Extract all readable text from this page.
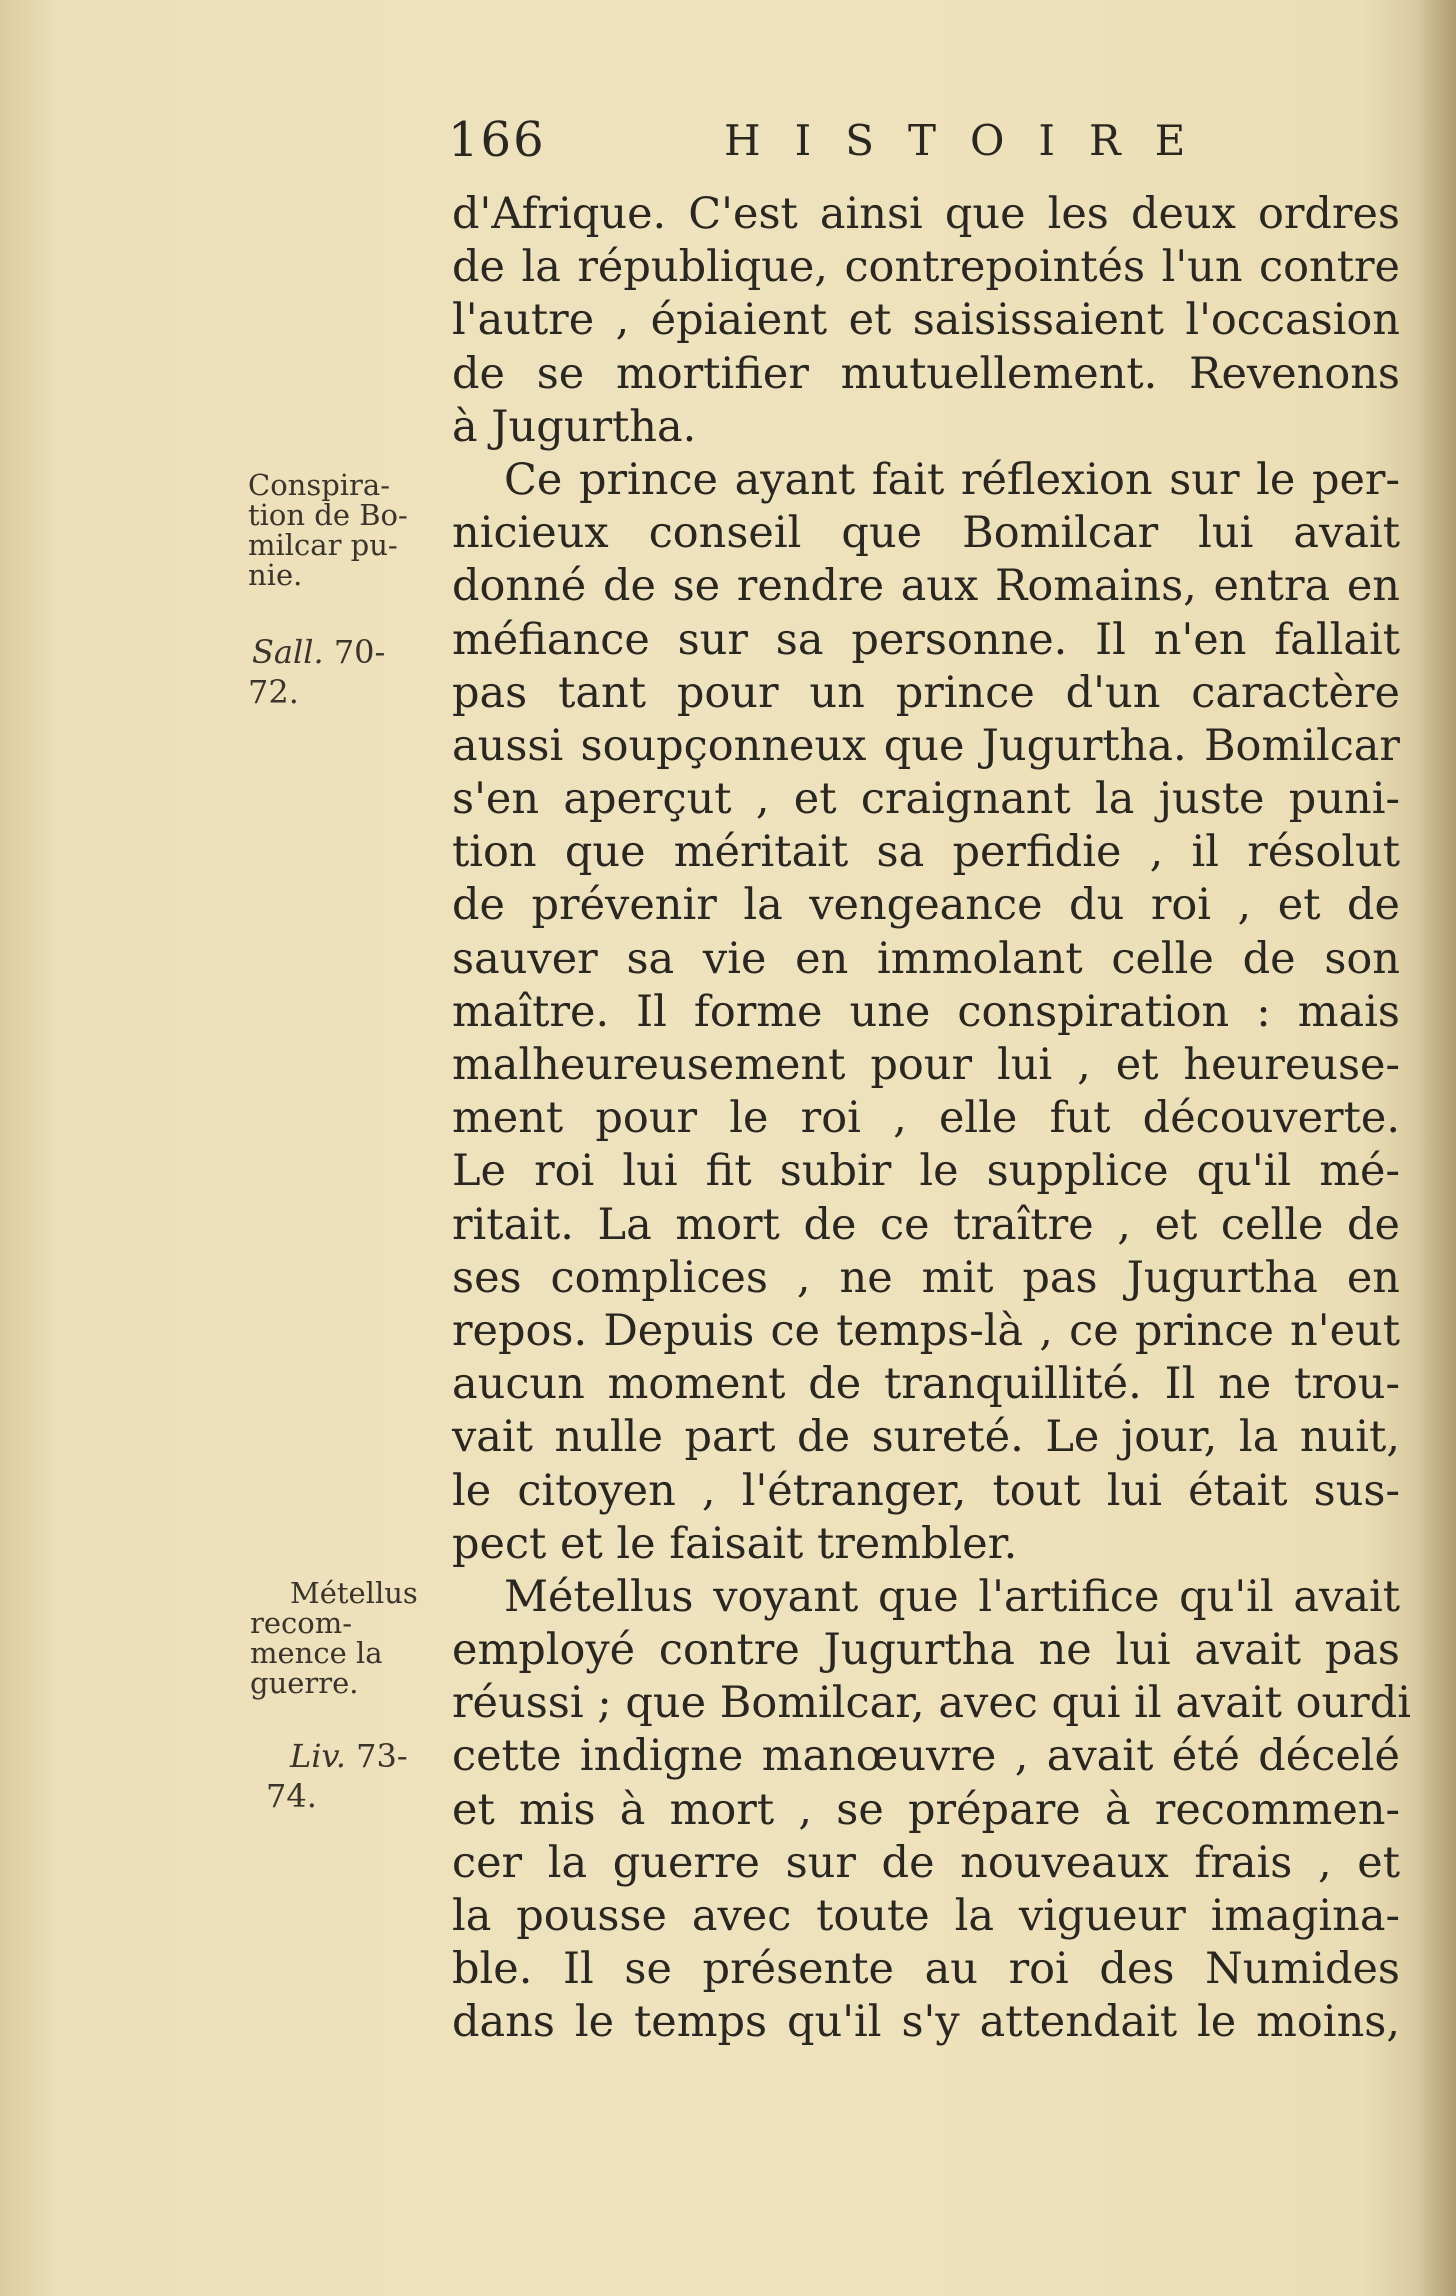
166	HISTOIRE
d'Afrique. C'est ainsi que les deux ordres
de la république, contrepointés l'un contre
l'autre , épiaient et saisissaient l'occasion
de se mortifier mutuellement. Revenons
à Jugurtha.
Ce prince ayant fait réflexion sur le per-
nicieux conseil que Bomilcar lui avait
donné de se rendre aux Romains, entra en
méfiance sur sa personne. Il n'en fallait
pas tant pour un prince d'un caractère
aussi soupçonneux que Jugurtha. Bomilcar
s'en aperçut , et craignant la juste puni-
tion que méritait sa perfidie , il résolut
de prévenir la vengeance du roi , et de
sauver sa vie en immolant celle de son
maître. Il forme une conspiration : mais
malheureusement pour lui , et heureuse-
ment pour le roi , elle fut découverte.
Le roi lui fit subir le supplice qu'il mé-
ritait. La mort de ce traître , et celle de
ses complices , ne mit pas Jugurtha en
repos. Depuis ce temps-là , ce prince n'eut
aucun moment de tranquillité. Il ne trou-
vait nulle part de sureté. Le jour, la nuit,
le citoyen , l'étranger, tout lui était sus-
pect et le faisait trembler.
Métellus voyant que l'artifice qu'il avait
employé contre Jugurtha ne lui avait pas
réussi ; que Bomilcar, avec qui il avait ourdi
cette indigne manœuvre , avait été décelé
et mis à mort , se prépare à recommen-
cer la guerre sur de nouveaux frais , et
la pousse avec toute la vigueur imagina-
ble. Il se présente au roi des Numides
dans le temps qu'il s'y attendait le moins,
Conspira-
tion de Bo-
milcar pu-
nie.
Sall. 70-
72.
Métellus
recom-
mence la
guerre.
Liv. 73-
74.
